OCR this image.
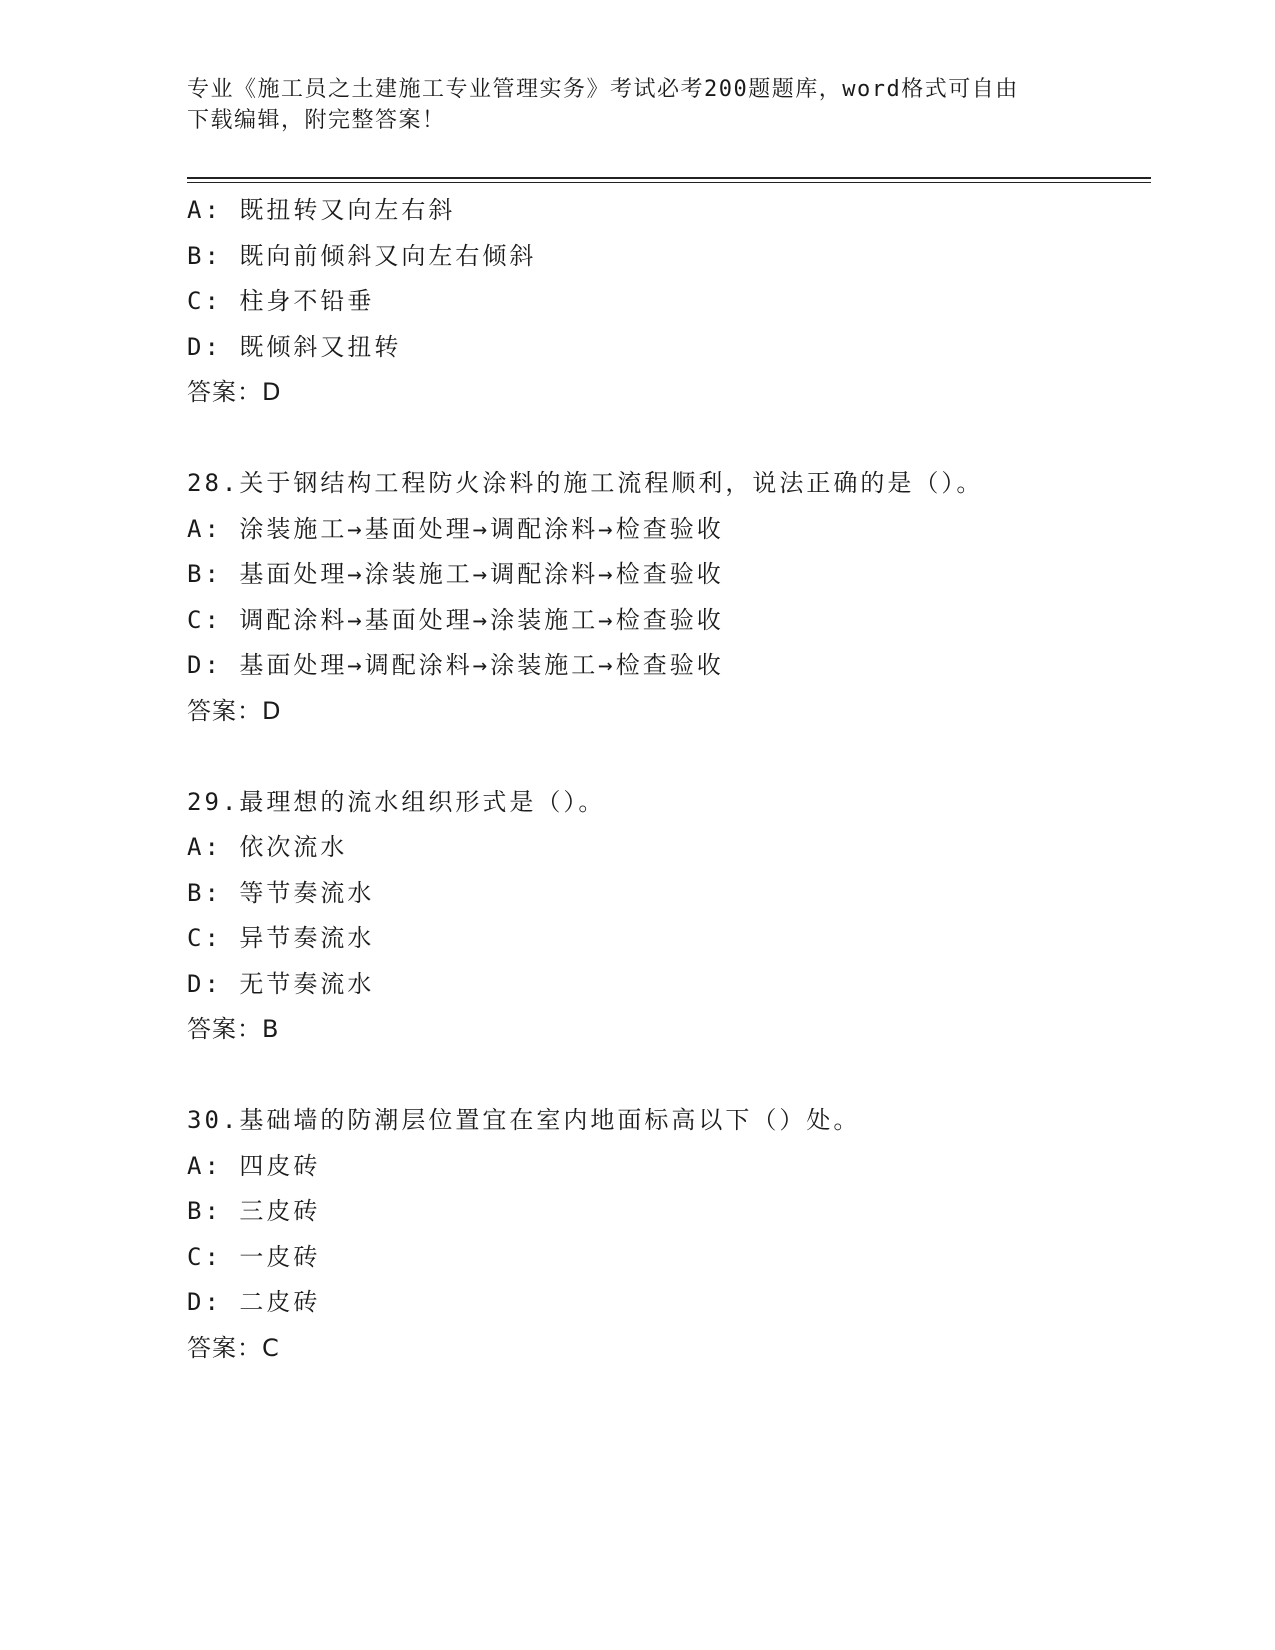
专业《施工员之土建施工专业管理实务》考试必考200题题库，word格式可自由
下载编辑，附完整答案！
A: 既扭转又向左右斜
B: 既向前倾斜又向左右倾斜
C: 柱身不铅垂
D: 既倾斜又扭转
答案：D
28.关于钢结构工程防火涂料的施工流程顺利，说法正确的是（）。
A: 涂装施工→基面处理→调配涂料→检查验收
B: 基面处理→涂装施工→调配涂料→检查验收
C: 调配涂料→基面处理→涂装施工→检查验收
D: 基面处理→调配涂料→涂装施工→检查验收
答案：D
29.最理想的流水组织形式是（）。
A: 依次流水
B: 等节奏流水
C: 异节奏流水
D: 无节奏流水
答案：B
30.基础墙的防潮层位置宜在室内地面标高以下（）处。
A: 四皮砖
B: 三皮砖
C: 一皮砖
D: 二皮砖
答案：C
